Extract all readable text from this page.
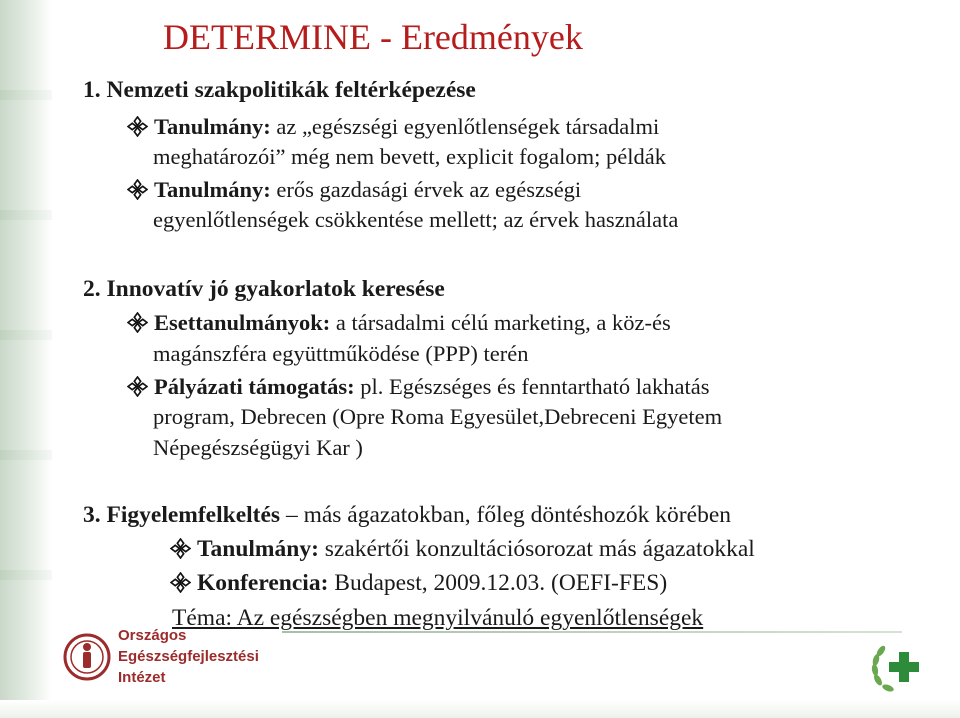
DETERMINE - Eredmények
1. Nemzeti szakpolitikák feltérképezése
Tanulmány: az „egészségi egyenlőtlenségek társadalmi
meghatározói” még nem bevett, explicit fogalom; példák
Tanulmány: erős gazdasági érvek az egészségi
egyenlőtlenségek csökkentése mellett; az érvek használata
2. Innovatív jó gyakorlatok keresése
Esettanulmányok: a társadalmi célú marketing, a köz-és
magánszféra együttműködése (PPP) terén
Pályázati támogatás: pl. Egészséges és fenntartható lakhatás
program, Debrecen (Opre Roma Egyesület,Debreceni Egyetem
Népegészségügyi Kar )
3. Figyelemfelkeltés – más ágazatokban, főleg döntéshozók körében
Tanulmány: szakértői konzultációsorozat más ágazatokkal
Konferencia: Budapest, 2009.12.03. (OEFI-FES)
Téma: Az egészségben megnyilvánuló egyenlőtlenségek
Országos
Egészségfejlesztési
Intézet
